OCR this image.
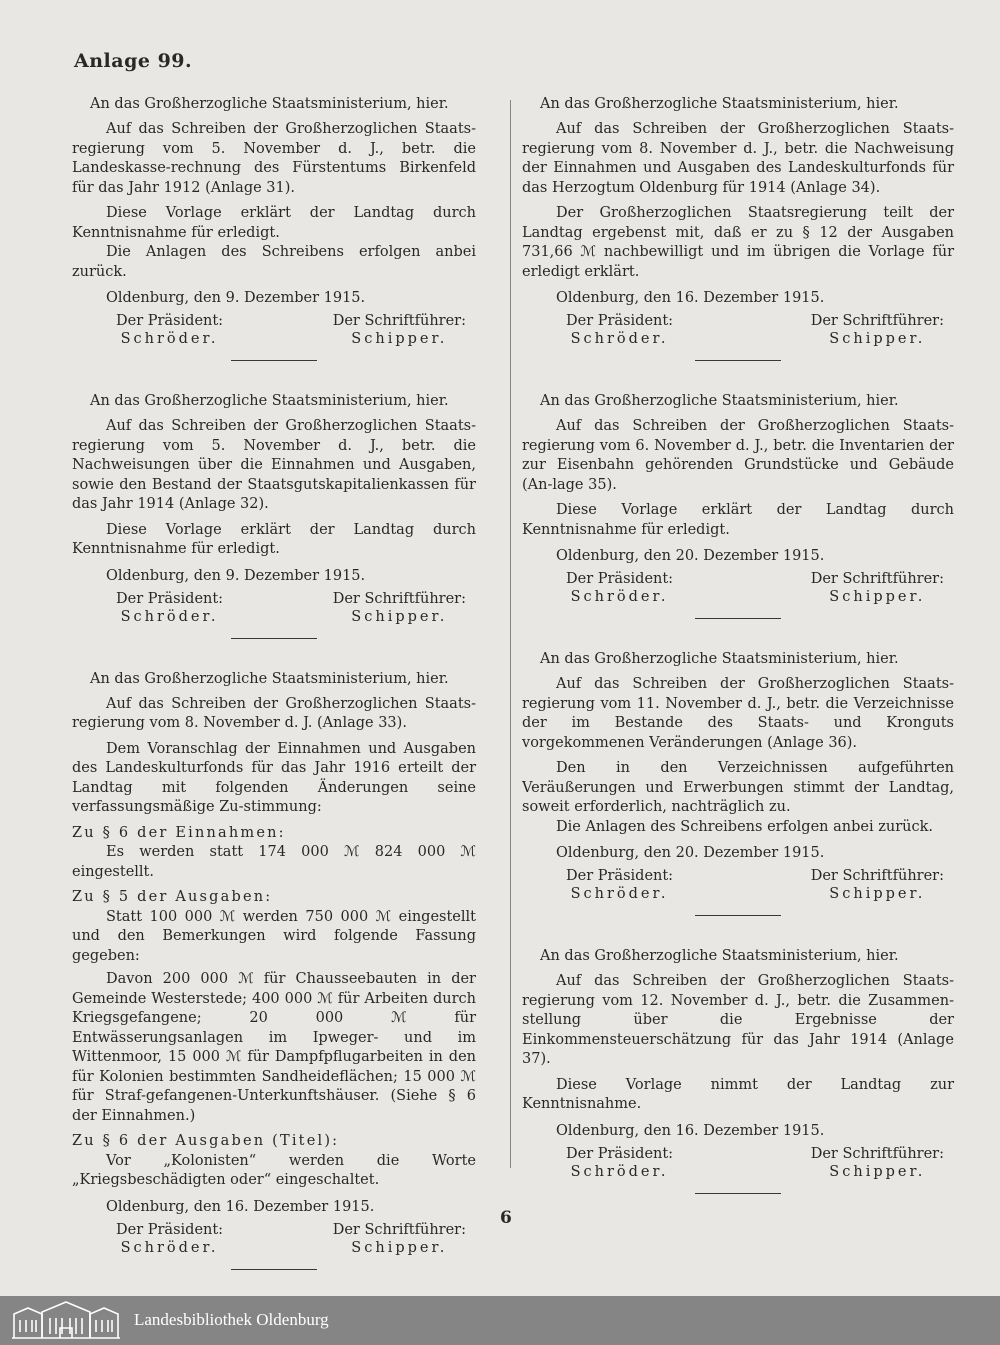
Anlage 99.
An das Großherzogliche Staatsministerium, hier.
Auf das Schreiben der Großherzoglichen Staats-regierung vom 5. November d. J., betr. die Landeskasse-rechnung des Fürstentums Birkenfeld für das Jahr 1912 (Anlage 31).
Diese Vorlage erklärt der Landtag durch Kenntnisnahme für erledigt.
Die Anlagen des Schreibens erfolgen anbei zurück.
Oldenburg, den 9. Dezember 1915.
Der Präsident:
Schröder.
Der Schriftführer:
Schipper.
An das Großherzogliche Staatsministerium, hier.
Auf das Schreiben der Großherzoglichen Staats-regierung vom 5. November d. J., betr. die Nachweisungen über die Einnahmen und Ausgaben, sowie den Bestand der Staatsgutskapitalienkassen für das Jahr 1914 (Anlage 32).
Diese Vorlage erklärt der Landtag durch Kenntnisnahme für erledigt.
Oldenburg, den 9. Dezember 1915.
Der Präsident:
Schröder.
Der Schriftführer:
Schipper.
An das Großherzogliche Staatsministerium, hier.
Auf das Schreiben der Großherzoglichen Staats-regierung vom 8. November d. J. (Anlage 33).
Dem Voranschlag der Einnahmen und Ausgaben des Landeskulturfonds für das Jahr 1916 erteilt der Landtag mit folgenden Änderungen seine verfassungsmäßige Zu-stimmung:
Zu § 6 der Einnahmen:
Es werden statt 174 000 ℳ 824 000 ℳ eingestellt.
Zu § 5 der Ausgaben:
Statt 100 000 ℳ werden 750 000 ℳ eingestellt und den Bemerkungen wird folgende Fassung gegeben:
Davon 200 000 ℳ für Chausseebauten in der Gemeinde Westerstede; 400 000 ℳ für Arbeiten durch Kriegsgefangene; 20 000 ℳ für Entwässerungsanlagen im Ipweger- und im Wittenmoor, 15 000 ℳ für Dampfpflugarbeiten in den für Kolonien bestimmten Sandheideflächen; 15 000 ℳ für Straf-gefangenen-Unterkunftshäuser. (Siehe § 6 der Einnahmen.)
Zu § 6 der Ausgaben (Titel):
Vor „Kolonisten“ werden die Worte „Kriegsbeschädigten oder“ eingeschaltet.
Oldenburg, den 16. Dezember 1915.
Der Präsident:
Schröder.
Der Schriftführer:
Schipper.
An das Großherzogliche Staatsministerium, hier.
Auf das Schreiben der Großherzoglichen Staats-regierung vom 8. November d. J., betr. die Nachweisung der Einnahmen und Ausgaben des Landeskulturfonds für das Herzogtum Oldenburg für 1914 (Anlage 34).
Der Großherzoglichen Staatsregierung teilt der Landtag ergebenst mit, daß er zu § 12 der Ausgaben 731,66 ℳ nachbewilligt und im übrigen die Vorlage für erledigt erklärt.
Oldenburg, den 16. Dezember 1915.
Der Präsident:
Schröder.
Der Schriftführer:
Schipper.
An das Großherzogliche Staatsministerium, hier.
Auf das Schreiben der Großherzoglichen Staats-regierung vom 6. November d. J., betr. die Inventarien der zur Eisenbahn gehörenden Grundstücke und Gebäude (An-lage 35).
Diese Vorlage erklärt der Landtag durch Kenntnisnahme für erledigt.
Oldenburg, den 20. Dezember 1915.
Der Präsident:
Schröder.
Der Schriftführer:
Schipper.
An das Großherzogliche Staatsministerium, hier.
Auf das Schreiben der Großherzoglichen Staats-regierung vom 11. November d. J., betr. die Verzeichnisse der im Bestande des Staats- und Kronguts vorgekommenen Veränderungen (Anlage 36).
Den in den Verzeichnissen aufgeführten Veräußerungen und Erwerbungen stimmt der Landtag, soweit erforderlich, nachträglich zu.
Die Anlagen des Schreibens erfolgen anbei zurück.
Oldenburg, den 20. Dezember 1915.
Der Präsident:
Schröder.
Der Schriftführer:
Schipper.
An das Großherzogliche Staatsministerium, hier.
Auf das Schreiben der Großherzoglichen Staats-regierung vom 12. November d. J., betr. die Zusammen-stellung über die Ergebnisse der Einkommensteuerschätzung für das Jahr 1914 (Anlage 37).
Diese Vorlage nimmt der Landtag zur Kenntnisnahme.
Oldenburg, den 16. Dezember 1915.
Der Präsident:
Schröder.
Der Schriftführer:
Schipper.
6
Landesbibliothek Oldenburg
